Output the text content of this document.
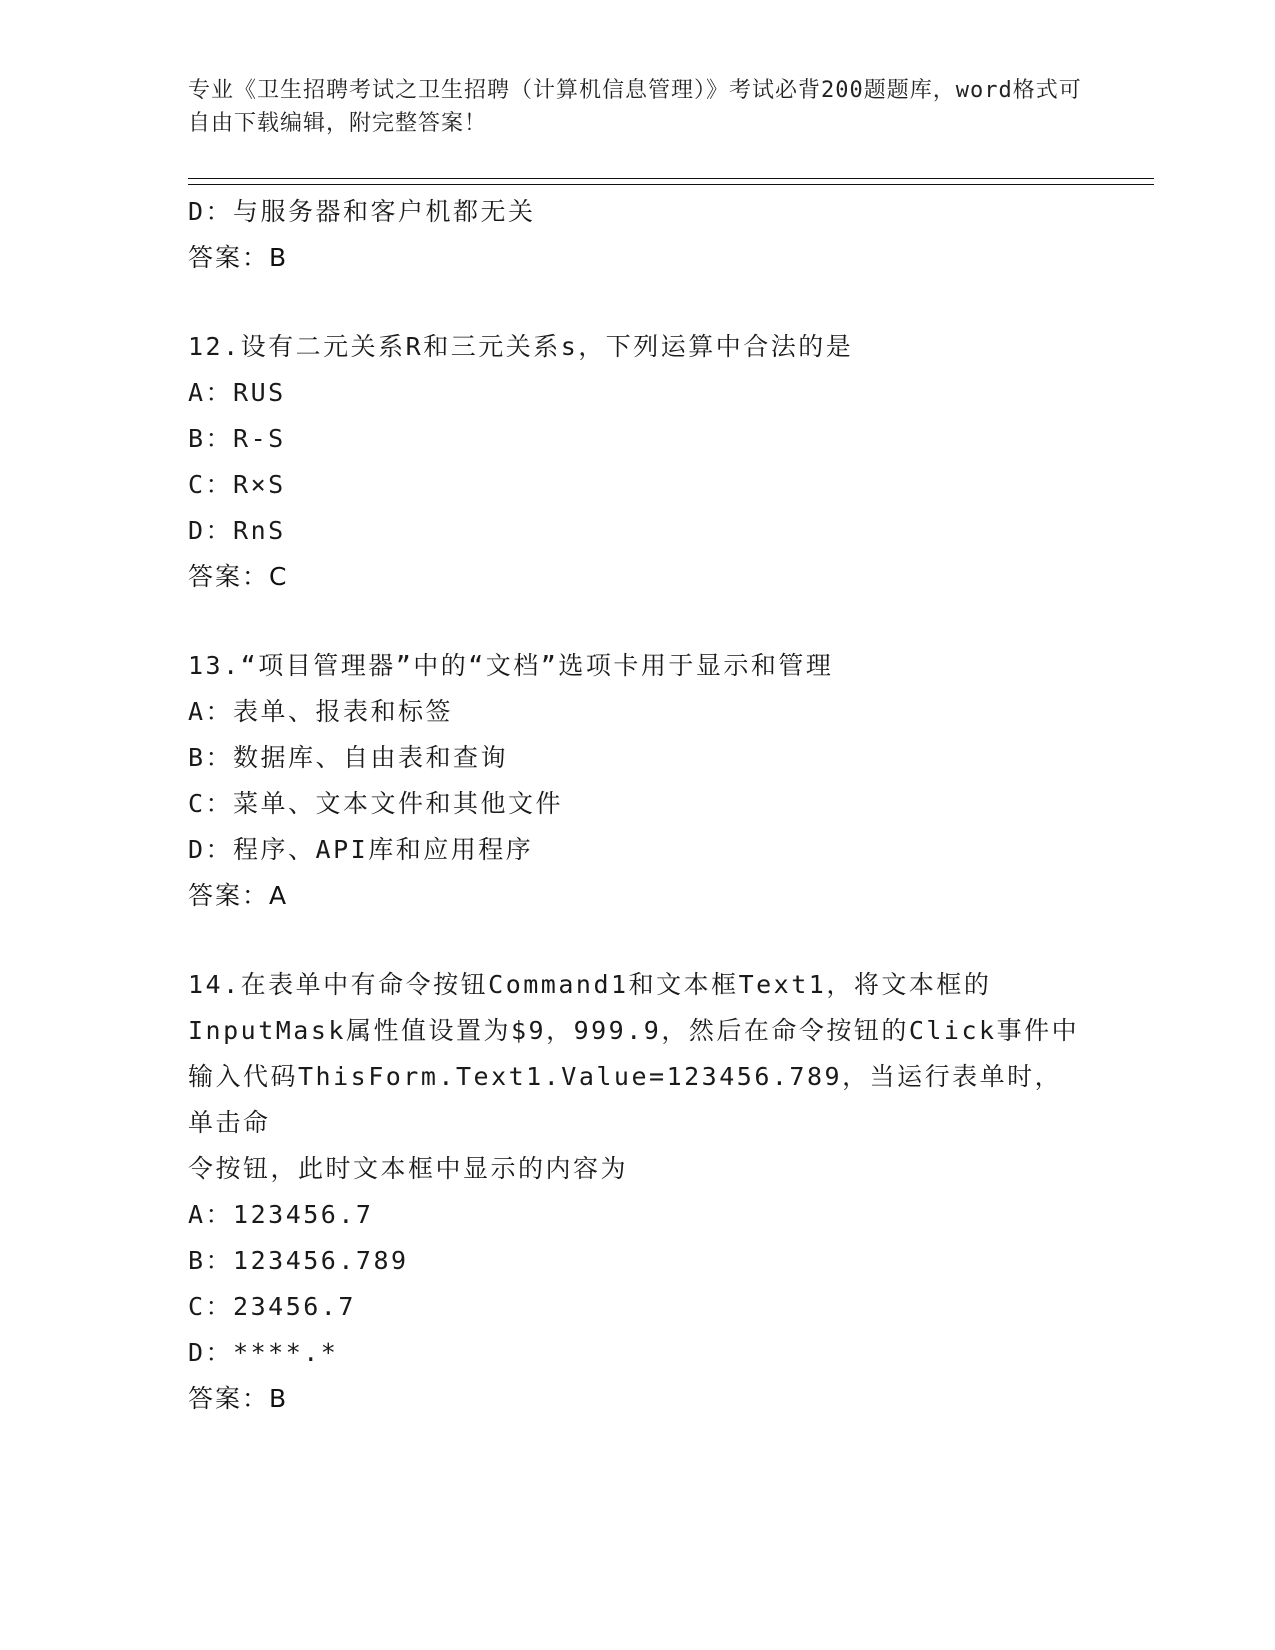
专业《卫生招聘考试之卫生招聘（计算机信息管理）》考试必背200题题库，word格式可自由下载编辑，附完整答案！
D：与服务器和客户机都无关
答案：B
12.设有二元关系R和三元关系s，下列运算中合法的是
A：RUS
B：R-S
C：R×S
D：RnS
答案：C
13.“项目管理器”中的“文档”选项卡用于显示和管理
A：表单、报表和标签
B：数据库、自由表和查询
C：菜单、文本文件和其他文件
D：程序、API库和应用程序
答案：A
14.在表单中有命令按钮Command1和文本框Text1，将文本框的
InputMask属性值设置为$9，999.9，然后在命令按钮的Click事件中
输入代码ThisForm.Text1.Value=123456.789，当运行表单时，单击命
令按钮，此时文本框中显示的内容为
A：123456.7
B：123456.789
C：23456.7
D：****.*
答案：B
